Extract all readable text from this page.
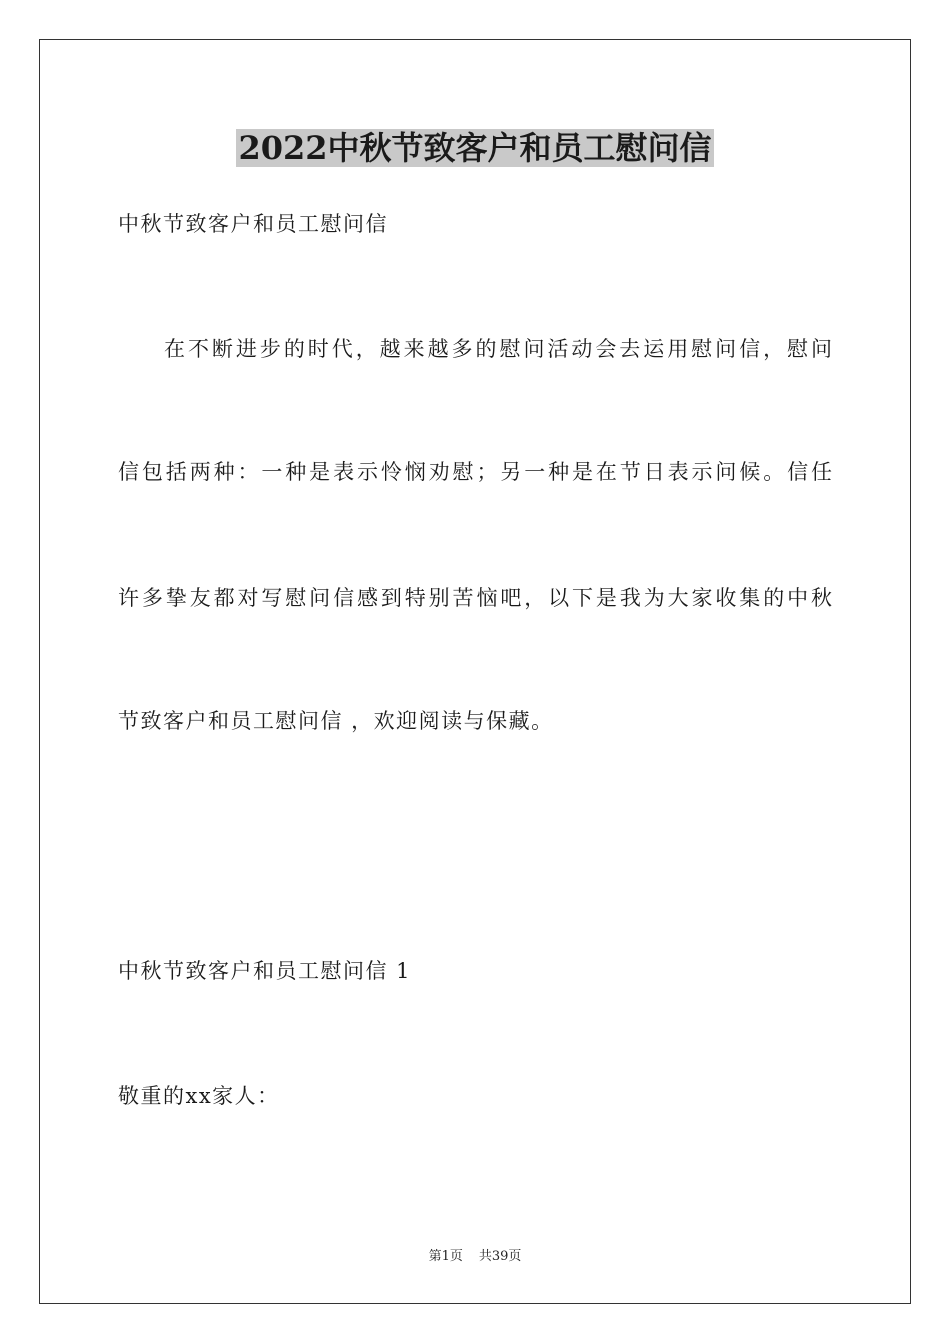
2022中秋节致客户和员工慰问信
中秋节致客户和员工慰问信
在不断进步的时代，越来越多的慰问活动会去运用慰问信，慰问
信包括两种：一种是表示怜悯劝慰；另一种是在节日表示问候。信任
许多挚友都对写慰问信感到特别苦恼吧，以下是我为大家收集的中秋
节致客户和员工慰问信 ，欢迎阅读与保藏。
中秋节致客户和员工慰问信 1
敬重的xx家人：
第1页 共39页
